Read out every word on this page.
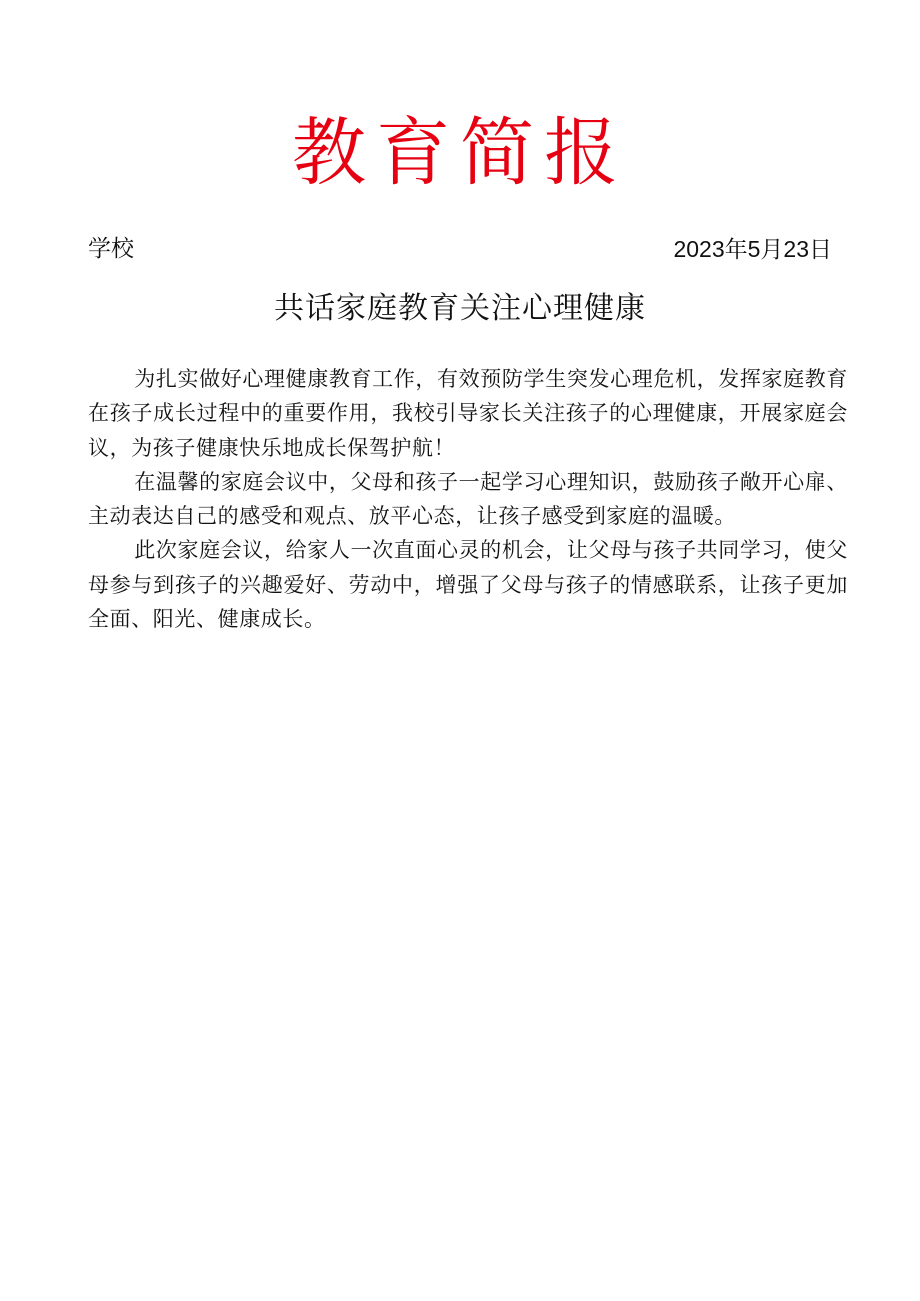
教育简报
学校	2023年5月23日
共话家庭教育关注心理健康

为扎实做好心理健康教育工作，有效预防学生突发心理危机，发挥家庭教育在孩子成长过程中的重要作用，我校引导家长关注孩子的心理健康，开展家庭会议，为孩子健康快乐地成长保驾护航！

在温馨的家庭会议中，父母和孩子一起学习心理知识，鼓励孩子敞开心扉、主动表达自己的感受和观点、放平心态，让孩子感受到家庭的温暖。

此次家庭会议，给家人一次直面心灵的机会，让父母与孩子共同学习，使父母参与到孩子的兴趣爱好、劳动中，增强了父母与孩子的情感联系，让孩子更加全面、阳光、健康成长。
